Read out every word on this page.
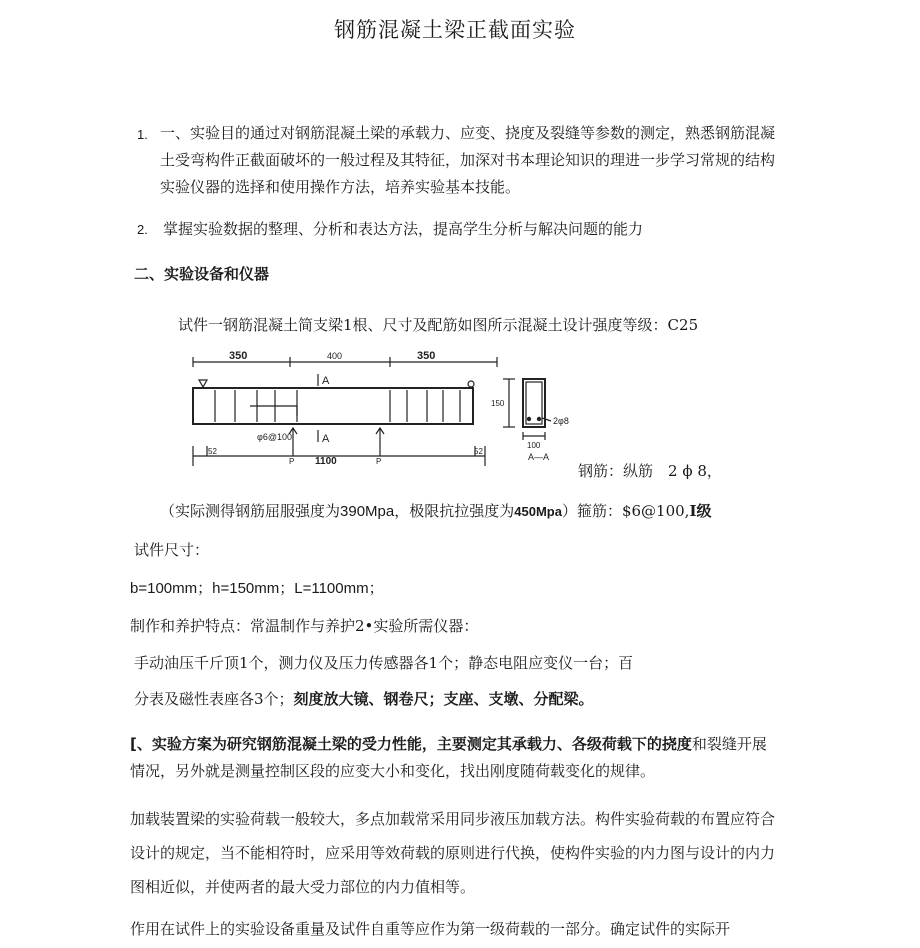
钢筋混凝土梁正截面实验
1. 一、实验目的通过对钢筋混凝土梁的承载力、应变、挠度及裂缝等参数的测定，熟悉钢筋混凝土受弯构件正截面破坏的一般过程及其特征，加深对书本理论知识的理进一步学习常规的结构实验仪器的选择和使用操作方法，培养实验基本技能。
2. 掌握实验数据的整理、分析和表达方法，提高学生分析与解决问题的能力
二、实验设备和仪器
试件一钢筋混凝土简支梁1根、尺寸及配筋如图所示混凝土设计强度等级：C25
350	400	350
A
A
φ6@100
1100
52	52
P	P
150
2φ8
100
A—A
钢筋：纵筋　2 ϕ 8，
（实际测得钢筋屈服强度为390Mpa，极限抗拉强度为450Mpa）箍筋：$6@100,I级
试件尺寸：
b=100mm；h=150mm；L=1100mm；
制作和养护特点：常温制作与养护2•实验所需仪器：
手动油压千斤顶1个，测力仪及压力传感器各1个；静态电阻应变仪一台；百
分表及磁性表座各3个；刻度放大镜、钢卷尺；支座、支墩、分配梁。
[、实验方案为研究钢筋混凝土梁的受力性能，主要测定其承载力、各级荷载下的挠度和裂缝开展情况，另外就是测量控制区段的应变大小和变化，找出刚度随荷载变化的规律。
加载装置梁的实验荷载一般较大，多点加载常采用同步液压加载方法。构件实验荷载的布置应符合设计的规定，当不能相符时，应采用等效荷载的原则进行代换，使构件实验的内力图与设计的内力图相近似，并使两者的最大受力部位的内力值相等。
作用在试件上的实验设备重量及试件自重等应作为第一级荷载的一部分。确定试件的实际开
